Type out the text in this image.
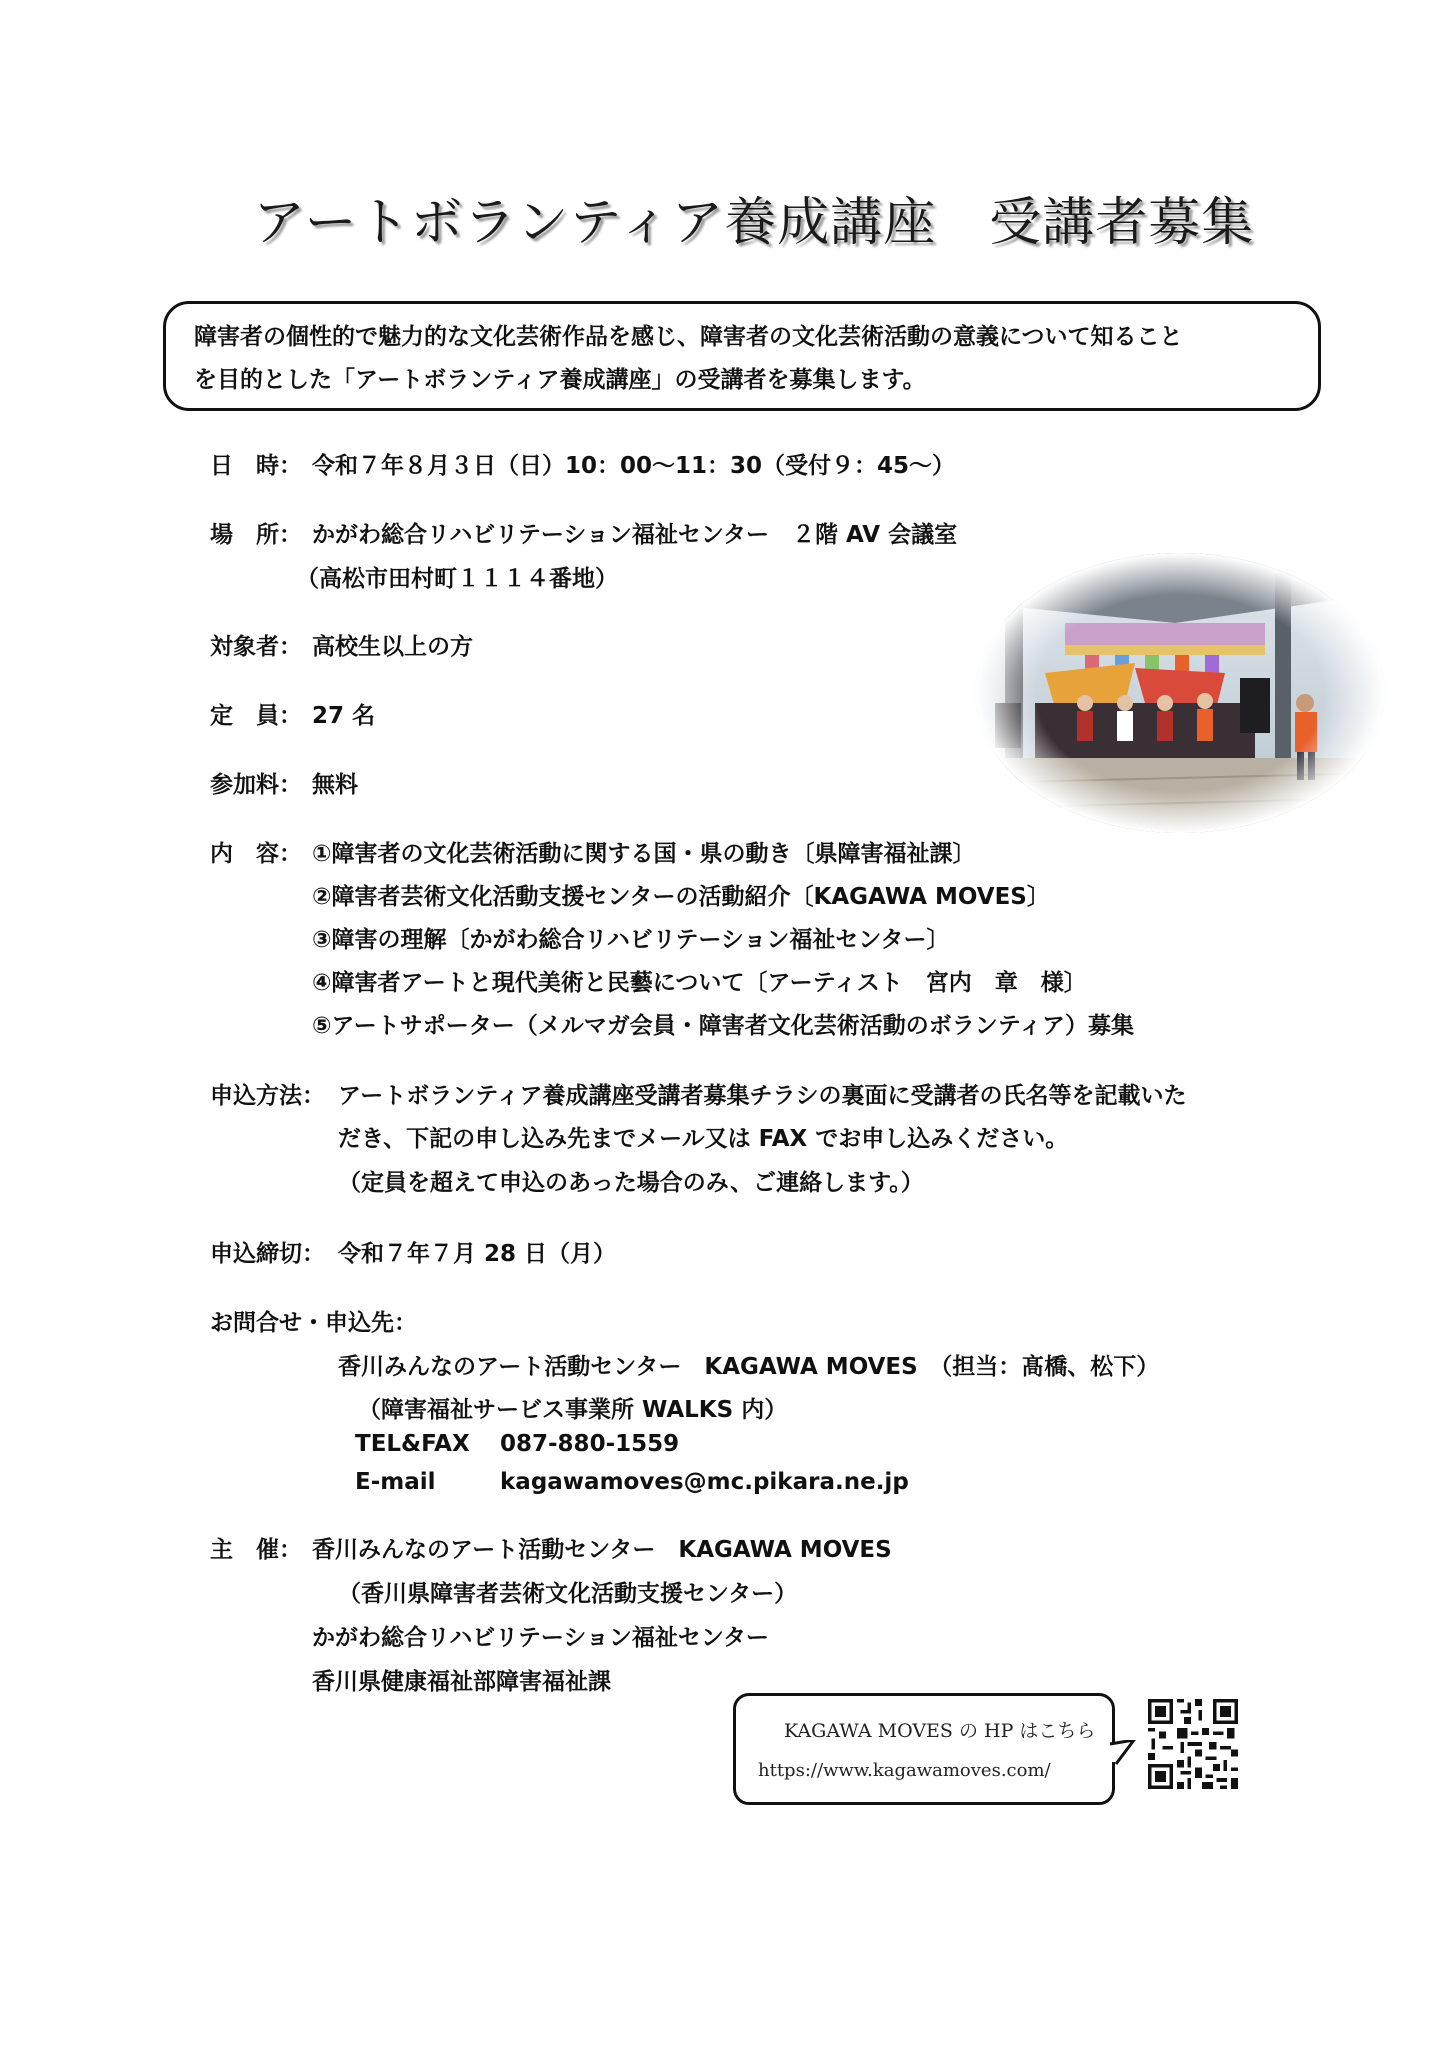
アートボランティア養成講座　受講者募集
障害者の個性的で魅力的な文化芸術作品を感じ、障害者の文化芸術活動の意義について知ること
を目的とした「アートボランティア養成講座」の受講者を募集します。
日　時： 令和７年８月３日（日）10：00～11：30（受付９：45～）
場　所： かがわ総合リハビリテーション福祉センター　２階 AV 会議室
（高松市田村町１１１４番地）
対象者： 高校生以上の方
定　員： 27 名
参加料： 無料
内　容： ①障害者の文化芸術活動に関する国・県の動き〔県障害福祉課〕
②障害者芸術文化活動支援センターの活動紹介〔KAGAWA MOVES〕
③障害の理解〔かがわ総合リハビリテーション福祉センター〕
④障害者アートと現代美術と民藝について〔アーティスト　宮内　章　様〕
⑤アートサポーター（メルマガ会員・障害者文化芸術活動のボランティア）募集
申込方法： アートボランティア養成講座受講者募集チラシの裏面に受講者の氏名等を記載いた
だき、下記の申し込み先までメール又は FAX でお申し込みください。
（定員を超えて申込のあった場合のみ、ご連絡します。）
申込締切： 令和７年７月 28 日（月）
お問合せ・申込先：
香川みんなのアート活動センター　KAGAWA MOVES　（担当：髙橋、松下）
（障害福祉サービス事業所 WALKS 内）
TEL&FAX 087-880-1559
E-mail	kagawamoves@mc.pikara.ne.jp
主　催： 香川みんなのアート活動センター　KAGAWA MOVES
（香川県障害者芸術文化活動支援センター）
かがわ総合リハビリテーション福祉センター
香川県健康福祉部障害福祉課
KAGAWA MOVES の HP はこちら
https://www.kagawamoves.com/
